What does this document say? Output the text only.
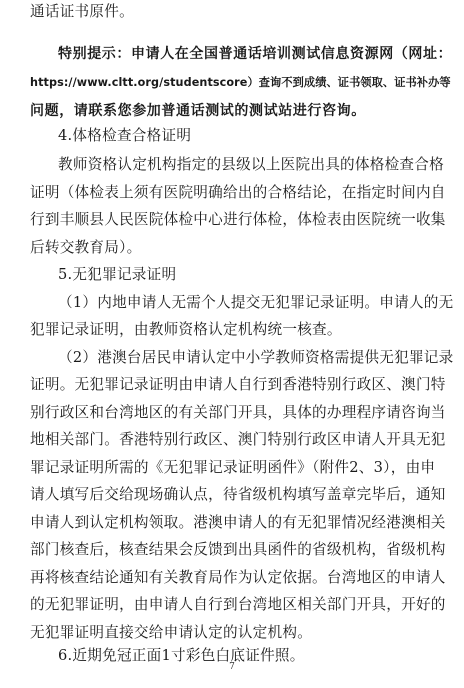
通话证书原件。
特别提示：申请人在全国普通话培训测试信息资源网（网址：
https://www.cltt.org/studentscore）查询不到成绩、证书领取、证书补办等
问题，请联系您参加普通话测试的测试站进行咨询。
4.体格检查合格证明
教师资格认定机构指定的县级以上医院出具的体格检查合格
证明（体检表上须有医院明确给出的合格结论，在指定时间内自
行到丰顺县人民医院体检中心进行体检，体检表由医院统一收集
后转交教育局）。
5.无犯罪记录证明
（1）内地申请人无需个人提交无犯罪记录证明。申请人的无
犯罪记录证明，由教师资格认定机构统一核查。
（2）港澳台居民申请认定中小学教师资格需提供无犯罪记录
证明。无犯罪记录证明由申请人自行到香港特别行政区、澳门特
别行政区和台湾地区的有关部门开具，具体的办理程序请咨询当
地相关部门。香港特别行政区、澳门特别行政区申请人开具无犯
罪记录证明所需的《无犯罪记录证明函件》（附件2、3），由申
请人填写后交给现场确认点，待省级机构填写盖章完毕后，通知
申请人到认定机构领取。港澳申请人的有无犯罪情况经港澳相关
部门核查后，核查结果会反馈到出具函件的省级机构，省级机构
再将核查结论通知有关教育局作为认定依据。台湾地区的申请人
的无犯罪证明，由申请人自行到台湾地区相关部门开具，开好的
无犯罪证明直接交给申请认定的认定机构。
6.近期免冠正面1寸彩色白底证件照。
7
